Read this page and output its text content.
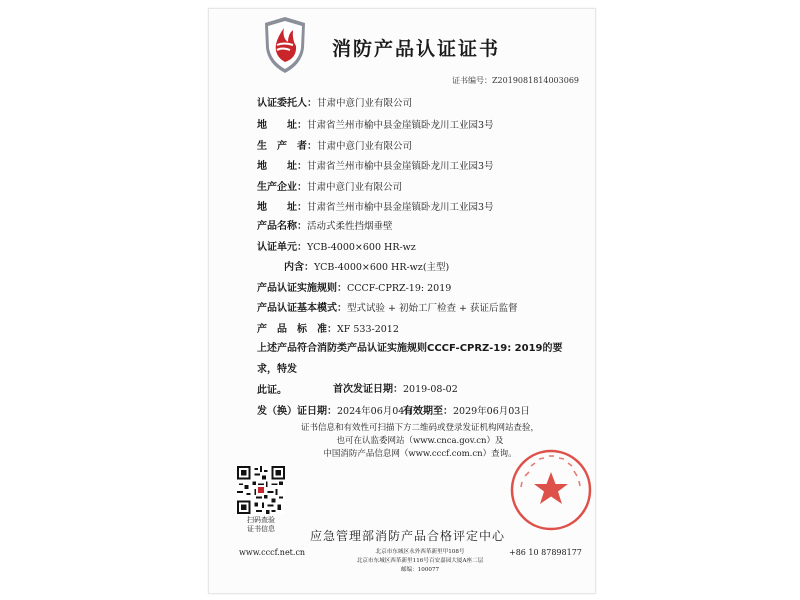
消防产品认证证书
证书编号：Z2019081814003069
认证委托人：甘肃中意门业有限公司
地　　址：甘肃省兰州市榆中县金崖镇卧龙川工业园3号
生　产　者：甘肃中意门业有限公司
地　　址：甘肃省兰州市榆中县金崖镇卧龙川工业园3号
生产企业：甘肃中意门业有限公司
地　　址：甘肃省兰州市榆中县金崖镇卧龙川工业园3号
产品名称：活动式柔性挡烟垂壁
认证单元：YCB-4000×600 HR-wz
内含：YCB-4000×600 HR-wz(主型)
产品认证实施规则：CCCF-CPRZ-19: 2019
产品认证基本模式：型式试验 + 初始工厂检查 + 获证后监督
产　品　标　准：XF 533-2012
上述产品符合消防类产品认证实施规则CCCF-CPRZ-19: 2019的要求，特发
此证。	首次发证日期：2019-08-02
发（换）证日期：2024年06月04日
有效期至：2029年06月03日
证书信息和有效性可扫描下方二维码或登录发证机构网站查验，
也可在认监委网站（www.cnca.gov.cn）及
中国消防产品信息网（www.cccf.com.cn）查询。
扫码查验
证书信息	应急管理部消防产品合格评定中心
www.cccf.net.cn	+86 10 87898177
北京市东城区永外西革新里甲108号
北京市东城区西革新里116号百安嘉园大厦A座二层
邮编：100077
